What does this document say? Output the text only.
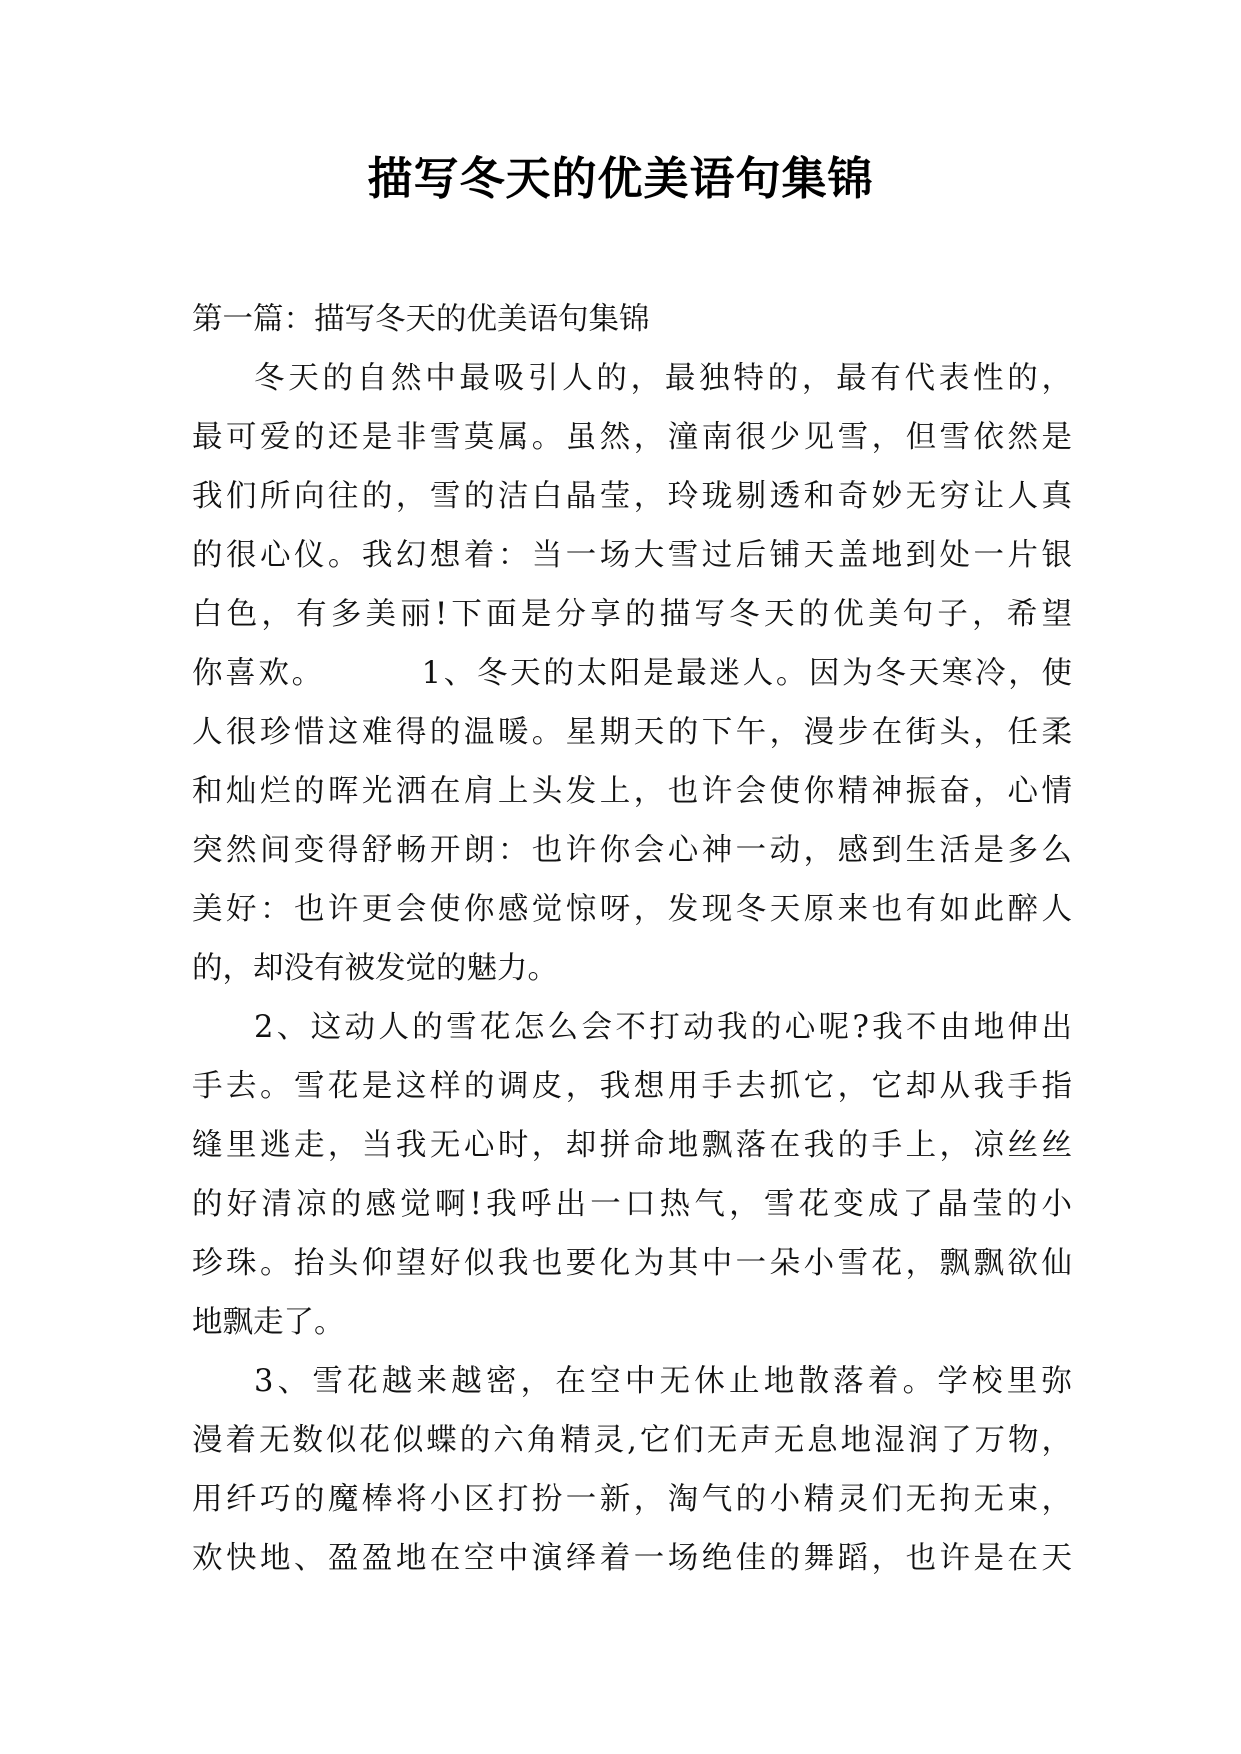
描写冬天的优美语句集锦
第一篇：描写冬天的优美语句集锦
冬天的自然中最吸引人的，最独特的，最有代表性的，
最可爱的还是非雪莫属。虽然，潼南很少见雪，但雪依然是
我们所向往的，雪的洁白晶莹，玲珑剔透和奇妙无穷让人真
的很心仪。我幻想着：当一场大雪过后铺天盖地到处一片银
白色，有多美丽!下面是分享的描写冬天的优美句子，希望
你喜欢。　　　 1、冬天的太阳是最迷人。因为冬天寒冷，使
人很珍惜这难得的温暖。星期天的下午，漫步在街头，任柔
和灿烂的晖光洒在肩上头发上，也许会使你精神振奋，心情
突然间变得舒畅开朗：也许你会心神一动，感到生活是多么
美好：也许更会使你感觉惊呀，发现冬天原来也有如此醉人
的，却没有被发觉的魅力。
2、这动人的雪花怎么会不打动我的心呢?我不由地伸出
手去。雪花是这样的调皮，我想用手去抓它，它却从我手指
缝里逃走，当我无心时，却拼命地飘落在我的手上，凉丝丝
的好清凉的感觉啊!我呼出一口热气，雪花变成了晶莹的小
珍珠。抬头仰望好似我也要化为其中一朵小雪花，飘飘欲仙
地飘走了。
3、雪花越来越密，在空中无休止地散落着。学校里弥
漫着无数似花似蝶的六角精灵,它们无声无息地湿润了万物，
用纤巧的魔棒将小区打扮一新，淘气的小精灵们无拘无束，
欢快地、盈盈地在空中演绎着一场绝佳的舞蹈，也许是在天
